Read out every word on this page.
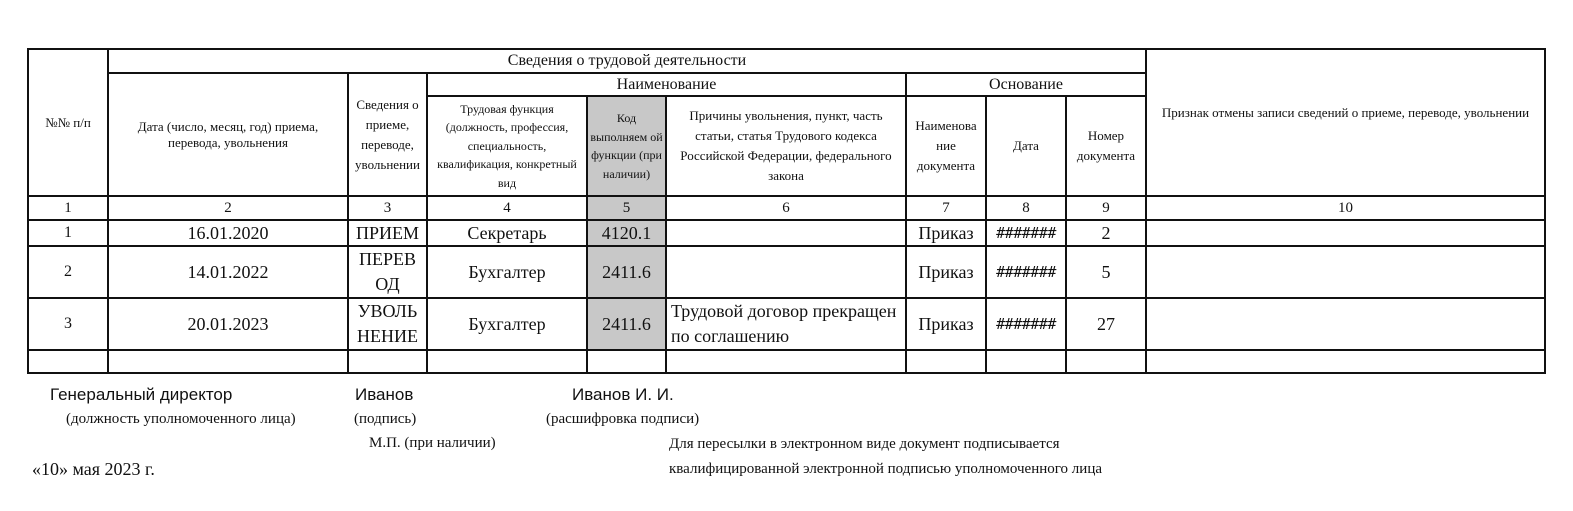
№№ п/п	Сведения о трудовой деятельности								Признак отмены записи сведений о приеме, переводе, увольнении
	Дата (число, месяц, год) приема, перевода, увольнения	Сведения о приеме, переводе, увольнении	Наименование			Основание			
			Трудовая функция (должность, профессия, специальность, квалификация, конкретный вид	Код выполняем ой функции (при наличии)	Причины увольнения, пункт, часть статьи, статья Трудового кодекса Российской Федерации, федерального закона	Наименова ние документа	Дата	Номер документа	
1	2	3	4	5	6	7	8	9	10
1	16.01.2020	ПРИЕМ	Секретарь	4120.1		Приказ	#######	2	
2	14.01.2022	ПЕРЕВ ОД	Бухгалтер	2411.6		Приказ	#######	5	
3	20.01.2023	УВОЛЬ НЕНИЕ	Бухгалтер	2411.6	Трудовой договор прекращен по соглашению	Приказ	#######	27	

Генеральный директор
(должность уполномоченного лица)
Иванов
(подпись)
Иванов И. И.
(расшифровка подписи)
М.П. (при наличии)
«10» мая 2023 г.
Для пересылки в электронном виде документ подписывается
квалифицированной электронной подписью уполномоченного лица
